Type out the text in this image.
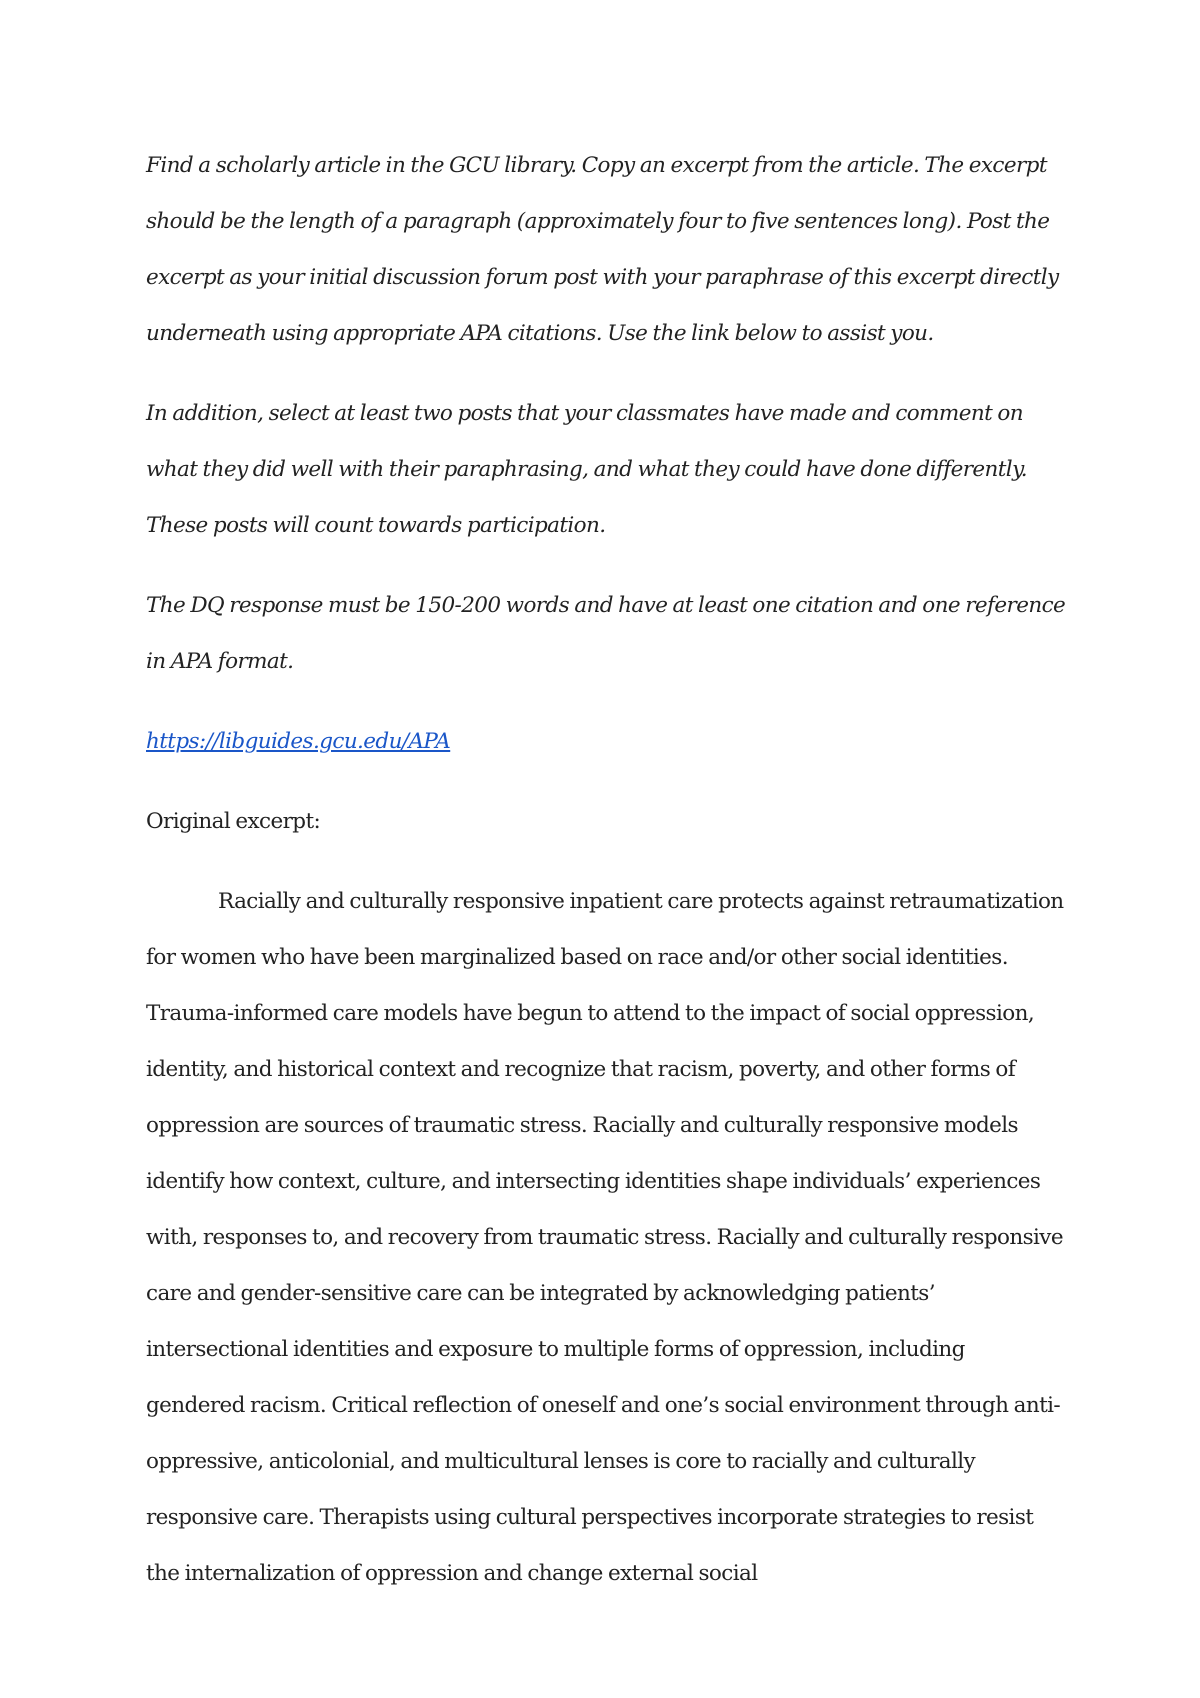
Find a scholarly article in the GCU library. Copy an excerpt from the article. The excerpt should be the length of a paragraph (approximately four to five sentences long). Post the excerpt as your initial discussion forum post with your paraphrase of this excerpt directly underneath using appropriate APA citations. Use the link below to assist you.

In addition, select at least two posts that your classmates have made and comment on what they did well with their paraphrasing, and what they could have done differently. These posts will count towards participation.

The DQ response must be 150-200 words and have at least one citation and one reference in APA format.

https://libguides.gcu.edu/APA

Original excerpt:

Racially and culturally responsive inpatient care protects against retraumatization for women who have been marginalized based on race and/or other social identities. Trauma-informed care models have begun to attend to the impact of social oppression, identity, and historical context and recognize that racism, poverty, and other forms of oppression are sources of traumatic stress. Racially and culturally responsive models identify how context, culture, and intersecting identities shape individuals’ experiences with, responses to, and recovery from traumatic stress. Racially and culturally responsive care and gender-sensitive care can be integrated by acknowledging patients’ intersectional identities and exposure to multiple forms of oppression, including gendered racism. Critical reflection of oneself and one’s social environment through anti-oppressive, anticolonial, and multicultural lenses is core to racially and culturally responsive care. Therapists using cultural perspectives incorporate strategies to resist the internalization of oppression and change external social
